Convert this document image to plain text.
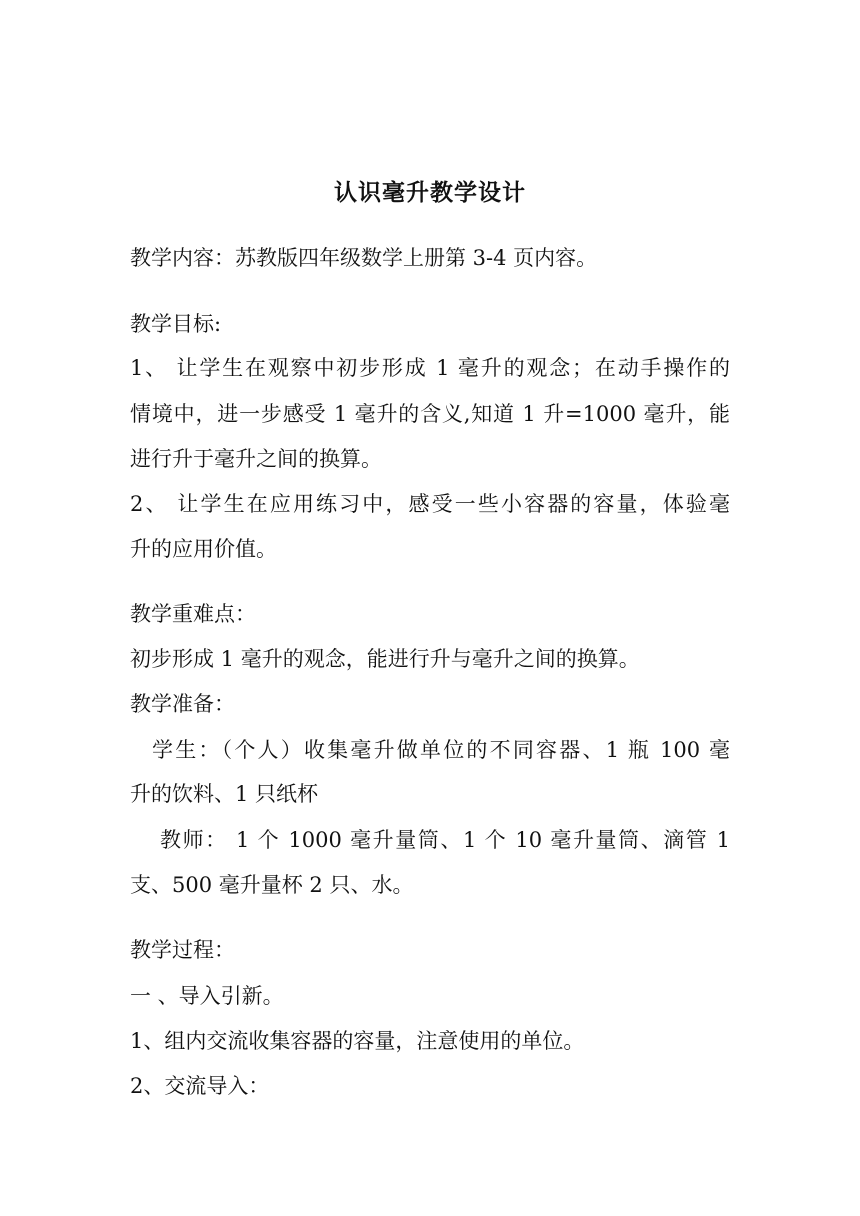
认识毫升教学设计
教学内容：苏教版四年级数学上册第 3-4 页内容。
教学目标:
1、 让学生在观察中初步形成 1 毫升的观念；在动手操作的
情境中，进一步感受 1 毫升的含义,知道 1 升=1000 毫升，能
进行升于毫升之间的换算。
2、 让学生在应用练习中，感受一些小容器的容量，体验毫
升的应用价值。
教学重难点：
初步形成 1 毫升的观念，能进行升与毫升之间的换算。
教学准备：
学生：（个人）收集毫升做单位的不同容器、1 瓶 100 毫
升的饮料、1 只纸杯
教师： 1 个 1000 毫升量筒、1 个 10 毫升量筒、滴管 1
支、500 毫升量杯 2 只、水。
教学过程：
一 、导入引新。
1、组内交流收集容器的容量，注意使用的单位。
2、交流导入：
